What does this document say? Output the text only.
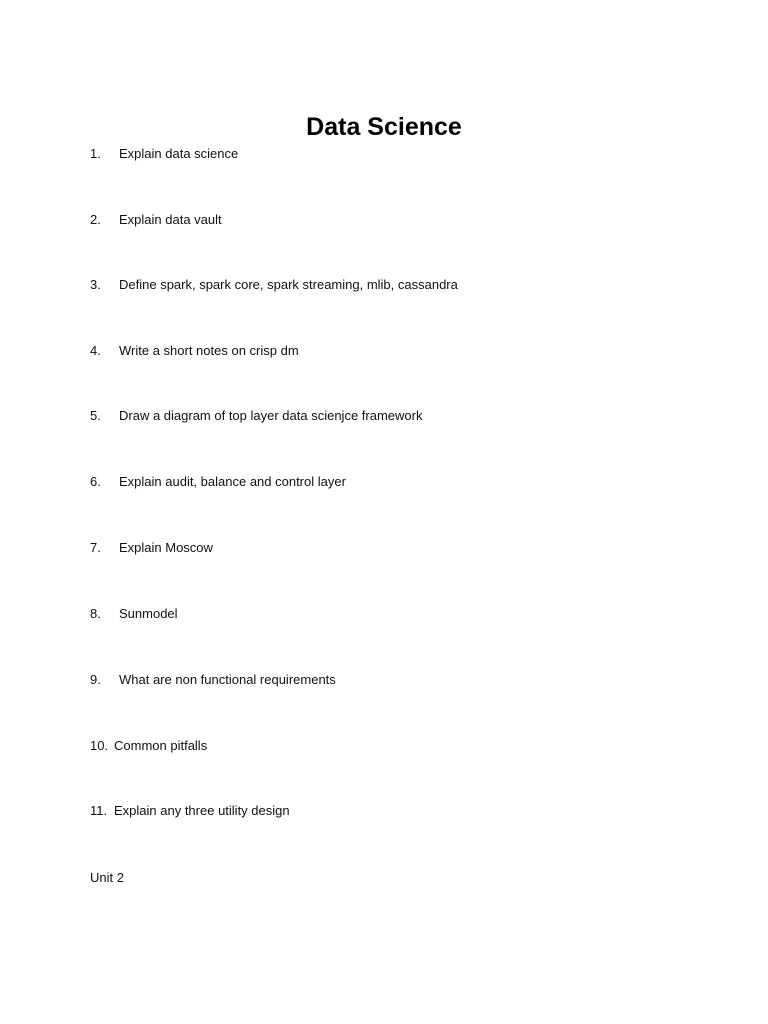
Data Science
1. Explain data science
2. Explain data vault
3. Define spark, spark core, spark streaming, mlib, cassandra
4. Write a short notes on crisp dm
5. Draw a diagram of top layer data scienjce framework
6. Explain audit, balance and control layer
7. Explain Moscow
8. Sunmodel
9. What are non functional requirements
10. Common pitfalls
11. Explain any three utility design
Unit 2
